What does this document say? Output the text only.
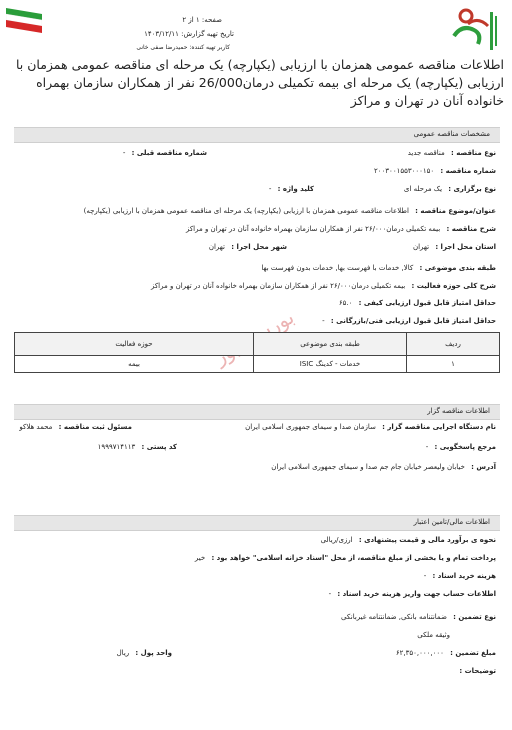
صفحه: ۱ از ۲
تاریخ تهیه گزارش: ۱۴۰۳/۱۲/۱۱
کاربر تهیه کننده: حمیدرضا صفی خانی
اطلاعات مناقصه عمومی همزمان با ارزیابی (یکپارچه) یک مرحله ای مناقصه عمومی همزمان با ارزیابی (یکپارچه) یک مرحله ای بیمه تکمیلی درمان26/000 نفر از همکاران سازمان بهمراه خانواده آنان در تهران و مراکز
بورس
مشخصات مناقصه عمومی
نوع مناقصه : مناقصه جدید
شماره مناقصه قبلی : -
شماره مناقصه : ۲۰۰۳۰۰۱۵۵۳۰۰۰۱۵۰
نوع برگزاری : یک مرحله ای
کلید واژه : -
عنوان/موضوع مناقصه : اطلاعات مناقصه عمومی همزمان با ارزیابی (یکپارچه) یک مرحله ای مناقصه عمومی همزمان با ارزیابی (یکپارچه)
شرح مناقصه : بیمه تکمیلی درمان۲۶/۰۰۰ نفر از همکاران سازمان بهمراه خانواده آنان در تهران و مراکز
استان محل اجرا : تهران
شهر محل اجرا : تهران
طبقه بندی موضوعی : کالا, خدمات با فهرست بها, خدمات بدون فهرست بها
شرح کلی حوزه فعالیت : بیمه تکمیلی درمان۲۶/۰۰۰ نفر از همکاران سازمان بهمراه خانواده آنان در تهران و مراکز
حداقل امتیاز قابل قبول ارزیابی کیفی : ۶۵.۰
حداقل امتیاز قابل قبول ارزیابی فنی/بازرگانی : -
ردیف	طبقه بندی موضوعی	حوزه فعالیت
۱	خدمات - کدینگ ISIC	بیمه
اطلاعات مناقصه گزار
نام دستگاه اجرایی مناقصه گزار : سازمان صدا و سیمای جمهوری اسلامی ایران
مسئول ثبت مناقصه : محمد هلاکو
مرجع پاسخگویی : -
کد پستی : ۱۹۹۹۷۱۴۱۱۳
آدرس : خیابان ولیعصر خیابان جام جم صدا و سیمای جمهوری اسلامی ایران
اطلاعات مالی/تامین اعتبار
نحوه ی برآورد مالی و قیمت پیشنهادی : ارزی/ریالی
پرداخت تمام و یا بخشی از مبلغ مناقصه، از محل "اسناد خزانه اسلامی" خواهد بود : خیر
هزینه خرید اسناد : -
اطلاعات حساب جهت واریز هزینه خرید اسناد : -
نوع تضمین : ضمانتنامه بانکی, ضمانتنامه غیربانکی
وثیقه ملکی
مبلغ تضمین : ۶۲,۳۵۰,۰۰۰,۰۰۰
واحد پول : ریال
توضیحات :
